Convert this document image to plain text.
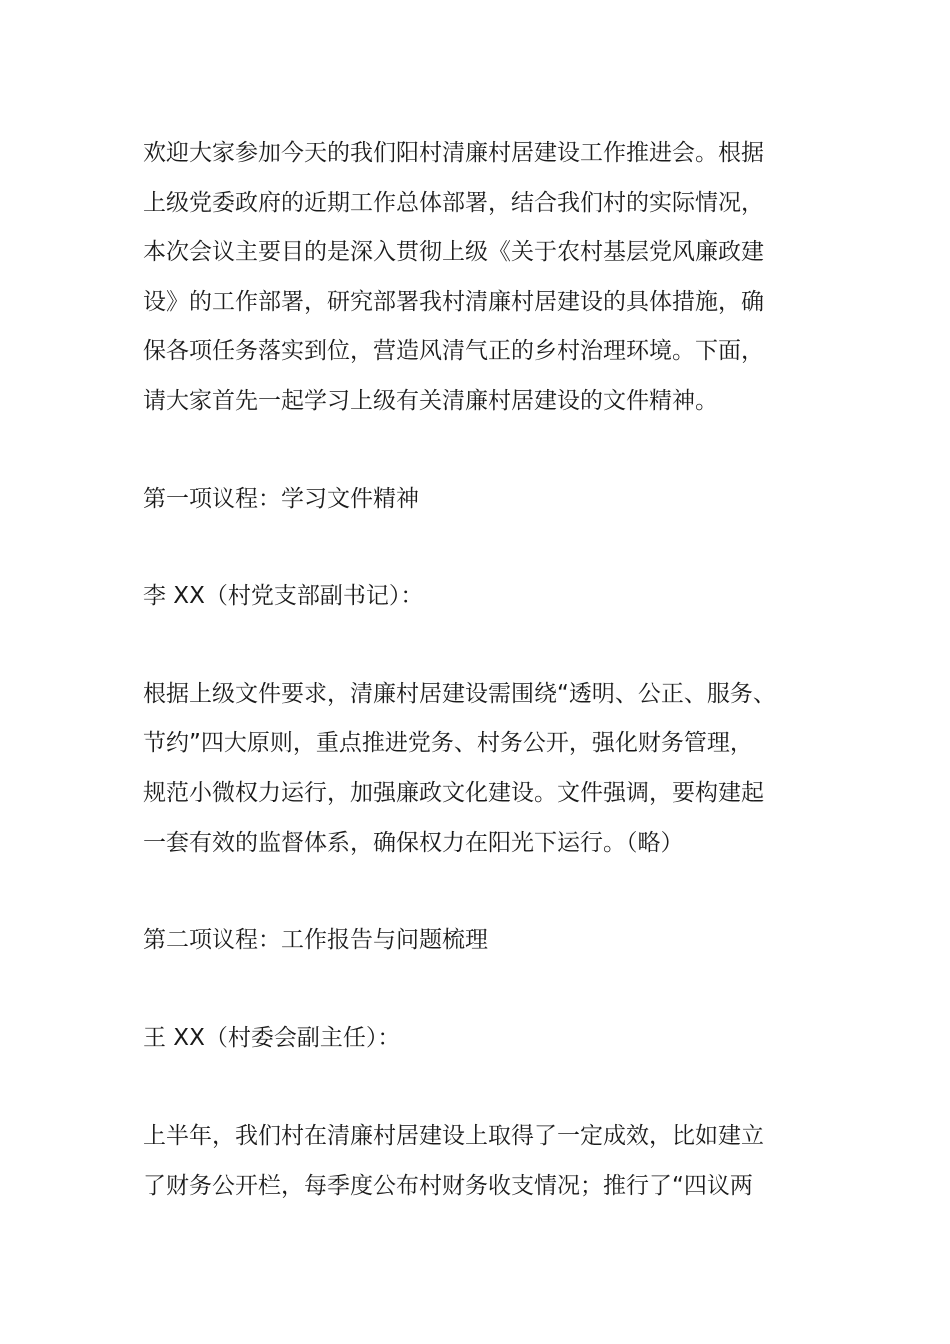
欢迎大家参加今天的我们阳村清廉村居建设工作推进会。根据
上级党委政府的近期工作总体部署，结合我们村的实际情况，
本次会议主要目的是深入贯彻上级《关于农村基层党风廉政建
设》的工作部署，研究部署我村清廉村居建设的具体措施，确
保各项任务落实到位，营造风清气正的乡村治理环境。下面，
请大家首先一起学习上级有关清廉村居建设的文件精神。
第一项议程：学习文件精神
李 XX（村党支部副书记）：
根据上级文件要求，清廉村居建设需围绕“透明、公正、服务、
节约”四大原则，重点推进党务、村务公开，强化财务管理，
规范小微权力运行，加强廉政文化建设。文件强调，要构建起
一套有效的监督体系，确保权力在阳光下运行。（略）
第二项议程：工作报告与问题梳理
王 XX（村委会副主任）：
上半年，我们村在清廉村居建设上取得了一定成效，比如建立
了财务公开栏，每季度公布村财务收支情况；推行了“四议两
